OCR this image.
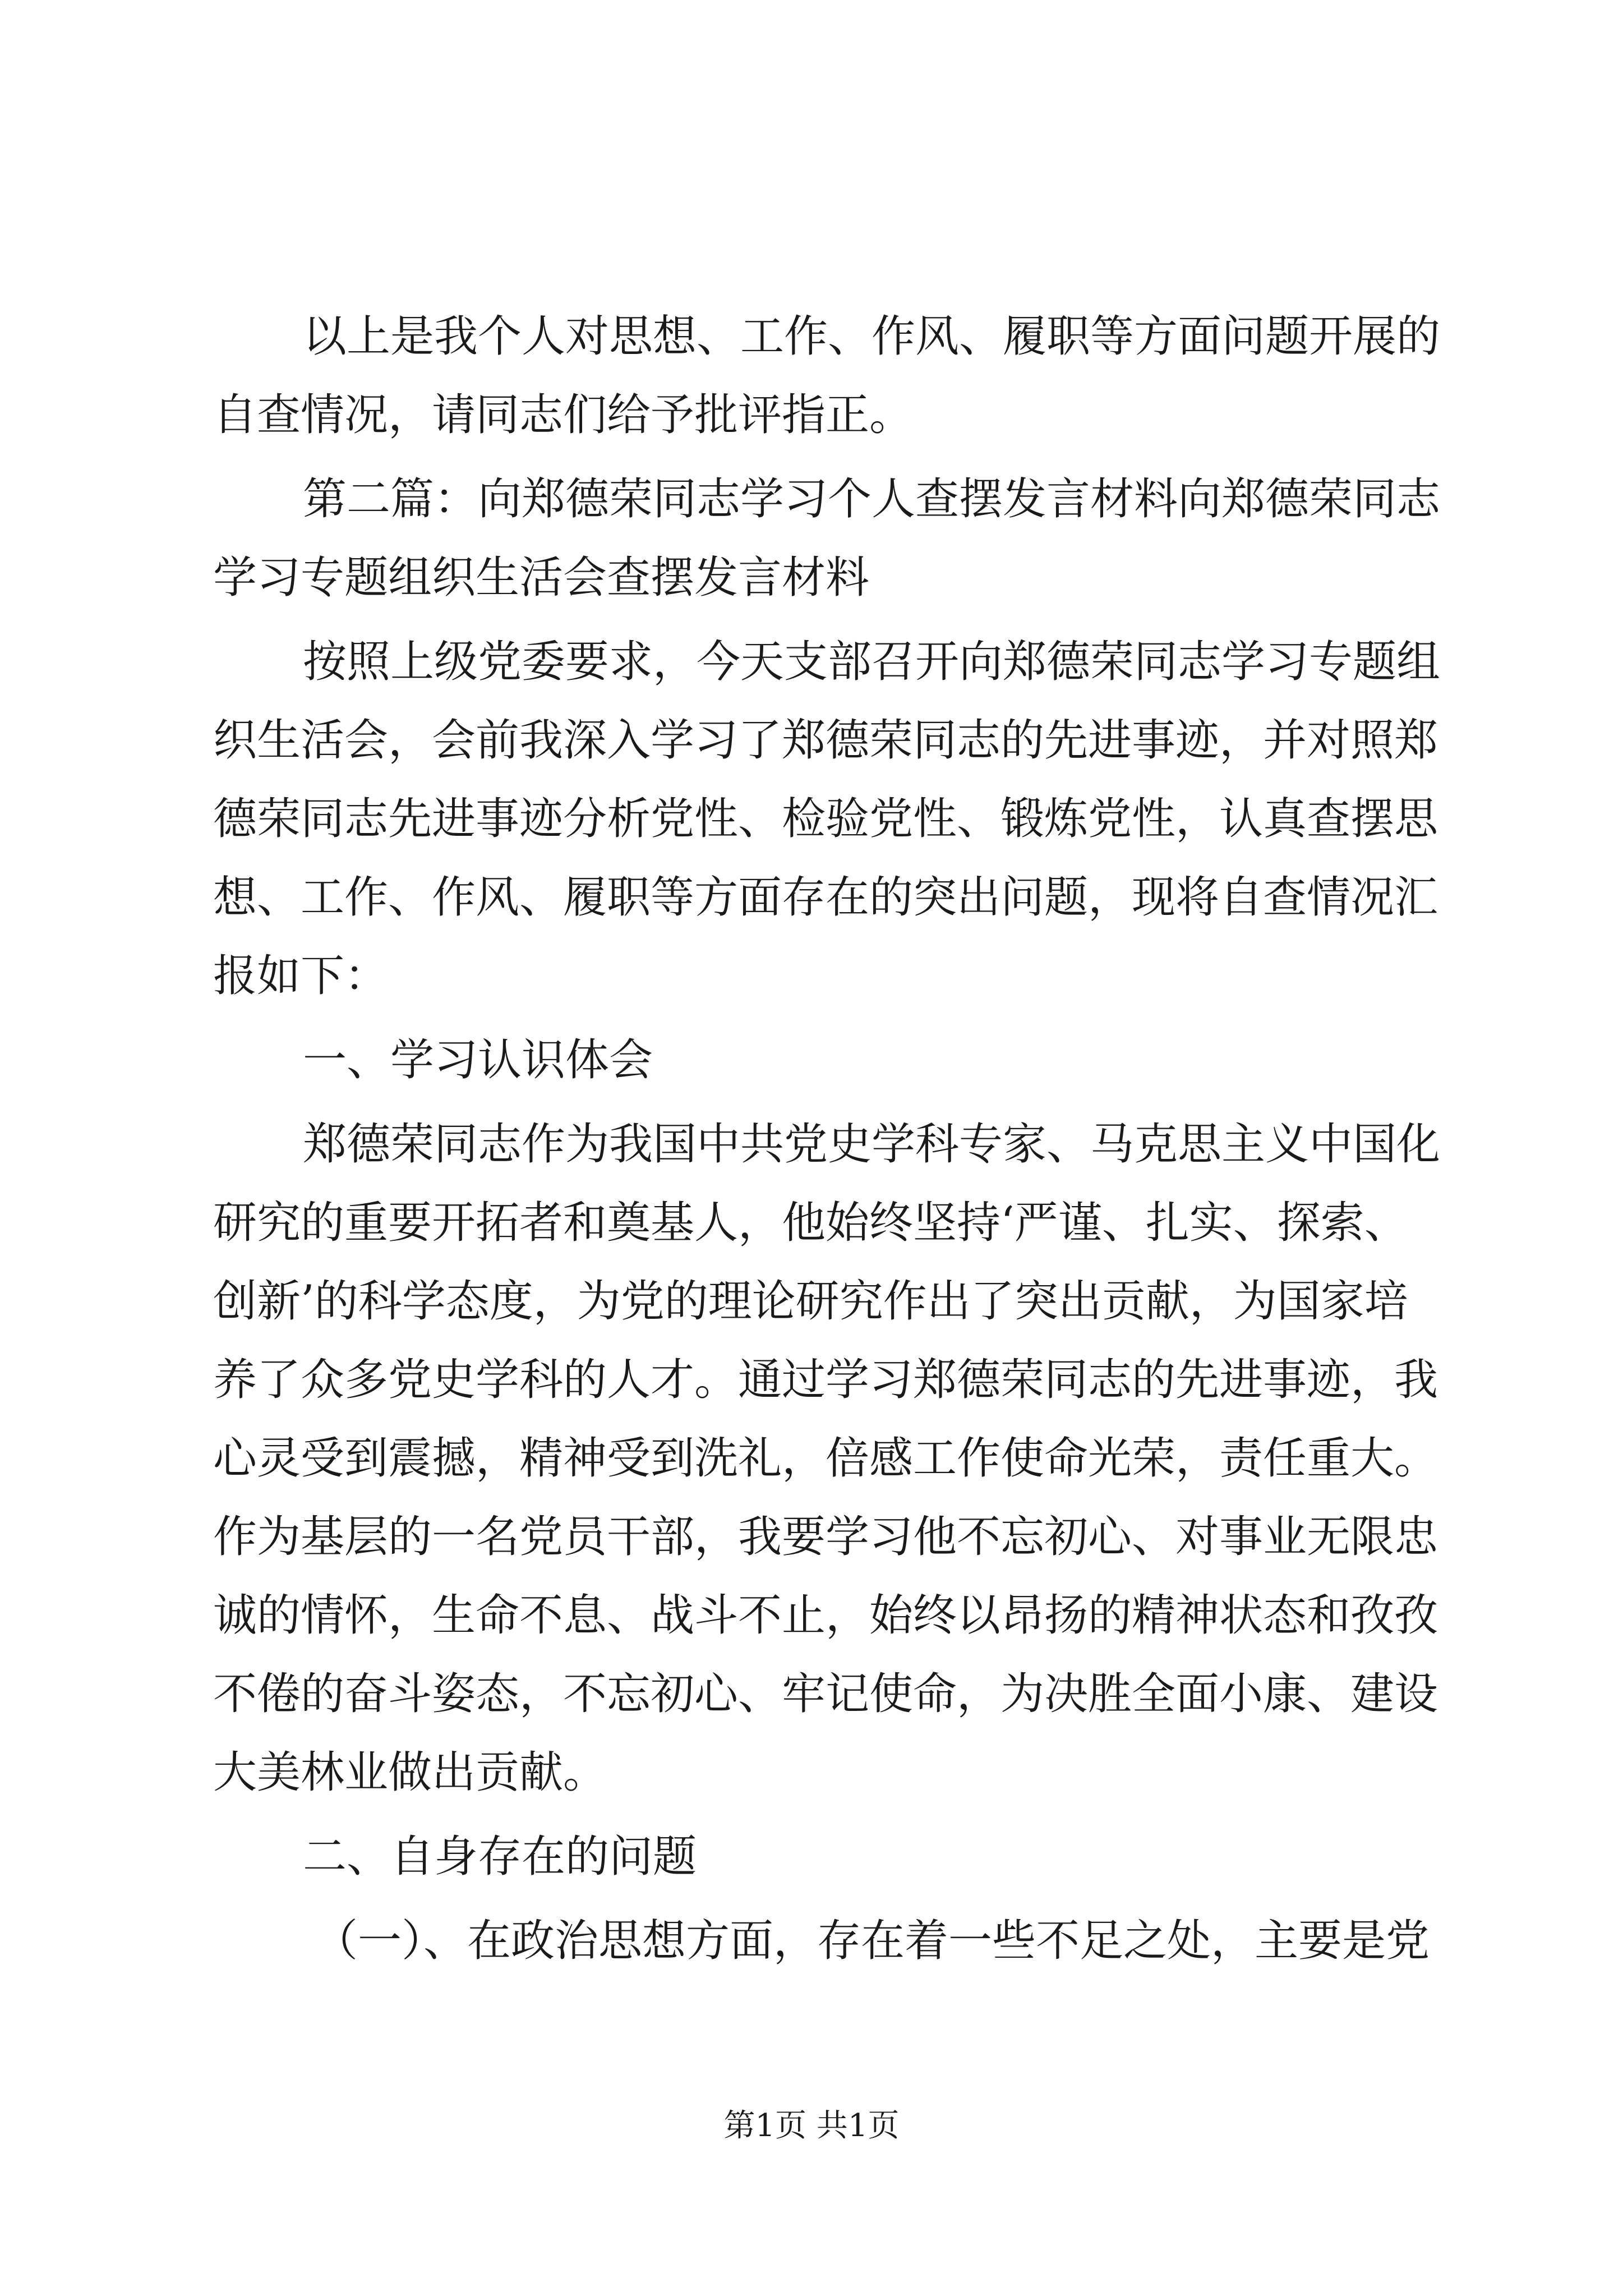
以上是我个人对思想、工作、作风、履职等方面问题开展的

自查情况，请同志们给予批评指正。

第二篇：向郑德荣同志学习个人查摆发言材料向郑德荣同志

学习专题组织生活会查摆发言材料

按照上级党委要求，今天支部召开向郑德荣同志学习专题组

织生活会，会前我深入学习了郑德荣同志的先进事迹，并对照郑

德荣同志先进事迹分析党性、检验党性、锻炼党性，认真查摆思

想、工作、作风、履职等方面存在的突出问题，现将自查情况汇

报如下：

一、学习认识体会

郑德荣同志作为我国中共党史学科专家、马克思主义中国化

研究的重要开拓者和奠基人，他始终坚持‘严谨、扎实、探索、

创新’的科学态度，为党的理论研究作出了突出贡献，为国家培

养了众多党史学科的人才。通过学习郑德荣同志的先进事迹，我

心灵受到震撼，精神受到洗礼，倍感工作使命光荣，责任重大。

作为基层的一名党员干部，我要学习他不忘初心、对事业无限忠

诚的情怀，生命不息、战斗不止，始终以昂扬的精神状态和孜孜

不倦的奋斗姿态，不忘初心、牢记使命，为决胜全面小康、建设

大美林业做出贡献。

二、自身存在的问题

（一）、在政治思想方面，存在着一些不足之处，主要是党

第1页 共1页
